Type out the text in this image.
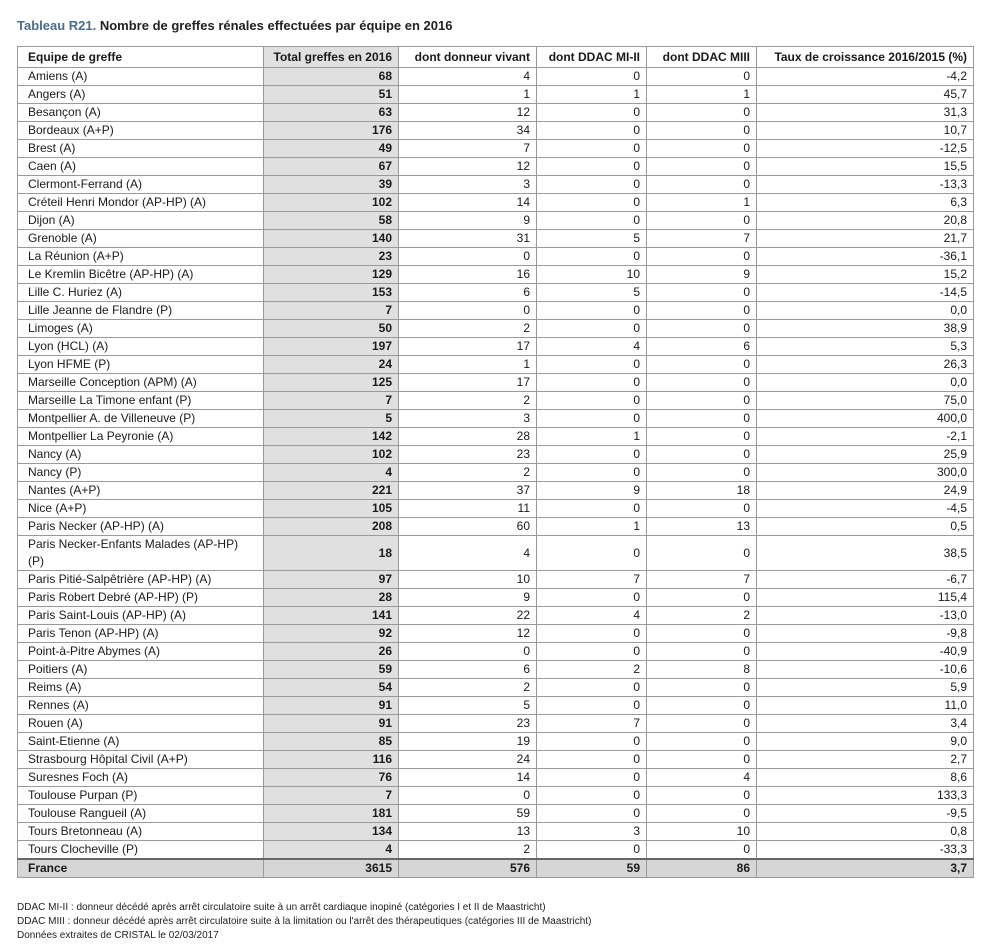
Tableau R21. Nombre de greffes rénales effectuées par équipe en 2016
Equipe de greffe	Total greffes en 2016	dont donneur vivant	dont DDAC MI-II	dont DDAC MIII	Taux de croissance 2016/2015 (%)
Amiens (A)	68	4	0	0	-4,2
Angers (A)	51	1	1	1	45,7
Besançon (A)	63	12	0	0	31,3
Bordeaux (A+P)	176	34	0	0	10,7
Brest (A)	49	7	0	0	-12,5
Caen (A)	67	12	0	0	15,5
Clermont-Ferrand (A)	39	3	0	0	-13,3
Créteil Henri Mondor (AP-HP) (A)	102	14	0	1	6,3
Dijon (A)	58	9	0	0	20,8
Grenoble (A)	140	31	5	7	21,7
La Réunion (A+P)	23	0	0	0	-36,1
Le Kremlin Bicêtre (AP-HP) (A)	129	16	10	9	15,2
Lille C. Huriez (A)	153	6	5	0	-14,5
Lille Jeanne de Flandre (P)	7	0	0	0	0,0
Limoges (A)	50	2	0	0	38,9
Lyon (HCL) (A)	197	17	4	6	5,3
Lyon HFME (P)	24	1	0	0	26,3
Marseille Conception (APM) (A)	125	17	0	0	0,0
Marseille La Timone enfant (P)	7	2	0	0	75,0
Montpellier A. de Villeneuve (P)	5	3	0	0	400,0
Montpellier La Peyronie (A)	142	28	1	0	-2,1
Nancy (A)	102	23	0	0	25,9
Nancy (P)	4	2	0	0	300,0
Nantes (A+P)	221	37	9	18	24,9
Nice (A+P)	105	11	0	0	-4,5
Paris Necker (AP-HP) (A)	208	60	1	13	0,5
Paris Necker-Enfants Malades (AP-HP) (P)	18	4	0	0	38,5
Paris Pitié-Salpêtrière (AP-HP) (A)	97	10	7	7	-6,7
Paris Robert Debré (AP-HP) (P)	28	9	0	0	115,4
Paris Saint-Louis (AP-HP) (A)	141	22	4	2	-13,0
Paris Tenon (AP-HP) (A)	92	12	0	0	-9,8
Point-à-Pitre Abymes (A)	26	0	0	0	-40,9
Poitiers (A)	59	6	2	8	-10,6
Reims (A)	54	2	0	0	5,9
Rennes (A)	91	5	0	0	11,0
Rouen (A)	91	23	7	0	3,4
Saint-Etienne (A)	85	19	0	0	9,0
Strasbourg Hôpital Civil (A+P)	116	24	0	0	2,7
Suresnes Foch (A)	76	14	0	4	8,6
Toulouse Purpan (P)	7	0	0	0	133,3
Toulouse Rangueil (A)	181	59	0	0	-9,5
Tours Bretonneau (A)	134	13	3	10	0,8
Tours Clocheville (P)	4	2	0	0	-33,3
France	3615	576	59	86	3,7
DDAC MI-II : donneur décédé après arrêt circulatoire suite à un arrêt cardiaque inopiné (catégories I et II de Maastricht)
DDAC MIII : donneur décédé après arrêt circulatoire suite à la limitation ou l'arrêt des thérapeutiques (catégories III de Maastricht)
Données extraites de CRISTAL le 02/03/2017
